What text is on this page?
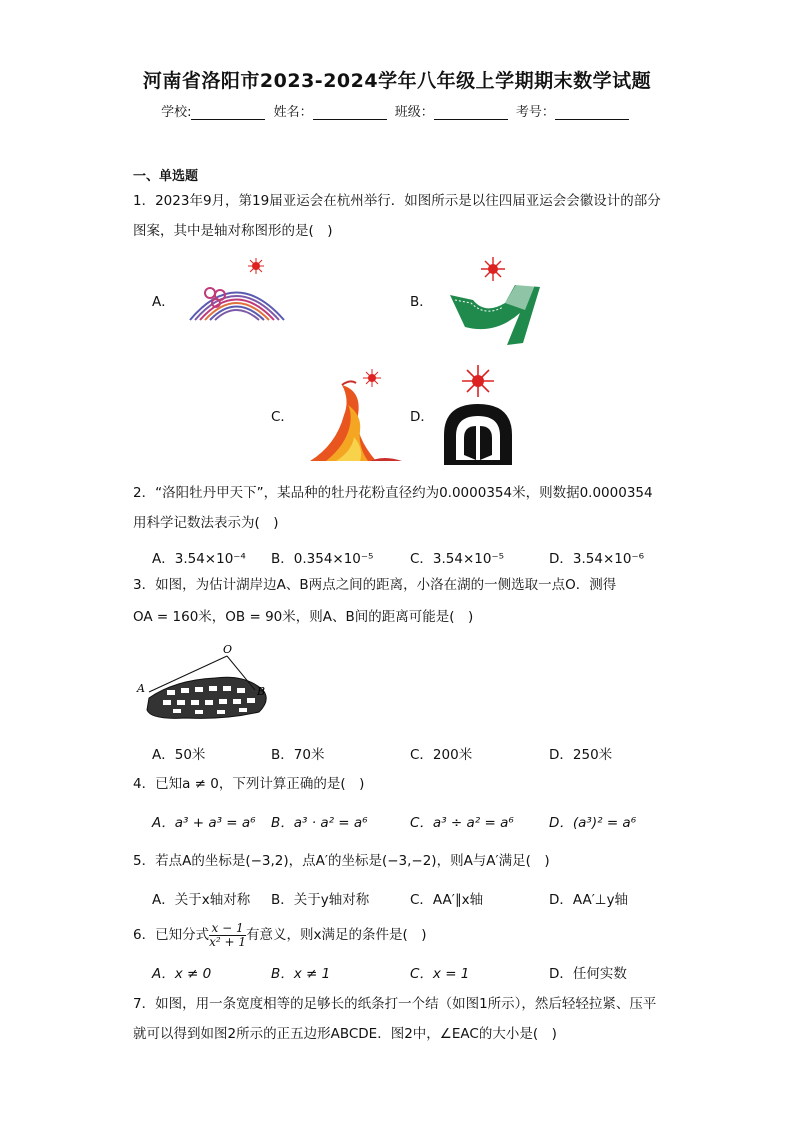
河南省洛阳市2023-2024学年八年级上学期期末数学试题
学校:	姓名：	班级：	考号：
一、单选题
1．2023年9月，第19届亚运会在杭州举行．如图所示是以往四届亚运会会徽设计的部分图案，其中是轴对称图形的是(　)
A．	B．
C．	D．
2．“洛阳牡丹甲天下”，某品种的牡丹花粉直径约为0.0000354米，则数据0.0000354用科学记数法表示为(　)
A．3.54×10⁻⁴ B．0.354×10⁻⁵	C．3.54×10⁻⁵	D．3.54×10⁻⁶
3．如图，为估计湖岸边A、B两点之间的距离，小洛在湖的一侧选取一点O．测得
OA = 160米，OB = 90米，则A、B间的距离可能是(　)
O
A	B
A．50米	B．70米	C．200米	D．250米
4．已知a ≠ 0，下列计算正确的是(　)
A．a³ + a³ = a⁶ B．a³ · a² = a⁶	C．a³ ÷ a² = a⁶	D．(a³)² = a⁶
5．若点A的坐标是(−3,2)，点A′的坐标是(−3,−2)，则A与A′满足(　)
A．关于x轴对称 B．关于y轴对称	C．AA′∥x轴	D．AA′⊥y轴
6．已知分式 $\frac{x - 1}{\text{x² + 1}}$ 有意义，则x满足的条件是(　)
A．x ≠ 0	B．x ≠ 1	C．x = 1	D．任何实数
7．如图，用一条宽度相等的足够长的纸条打一个结（如图1所示），然后轻轻拉紧、压平就可以得到如图2所示的正五边形ABCDE．图2中，∠EAC的大小是(　)
